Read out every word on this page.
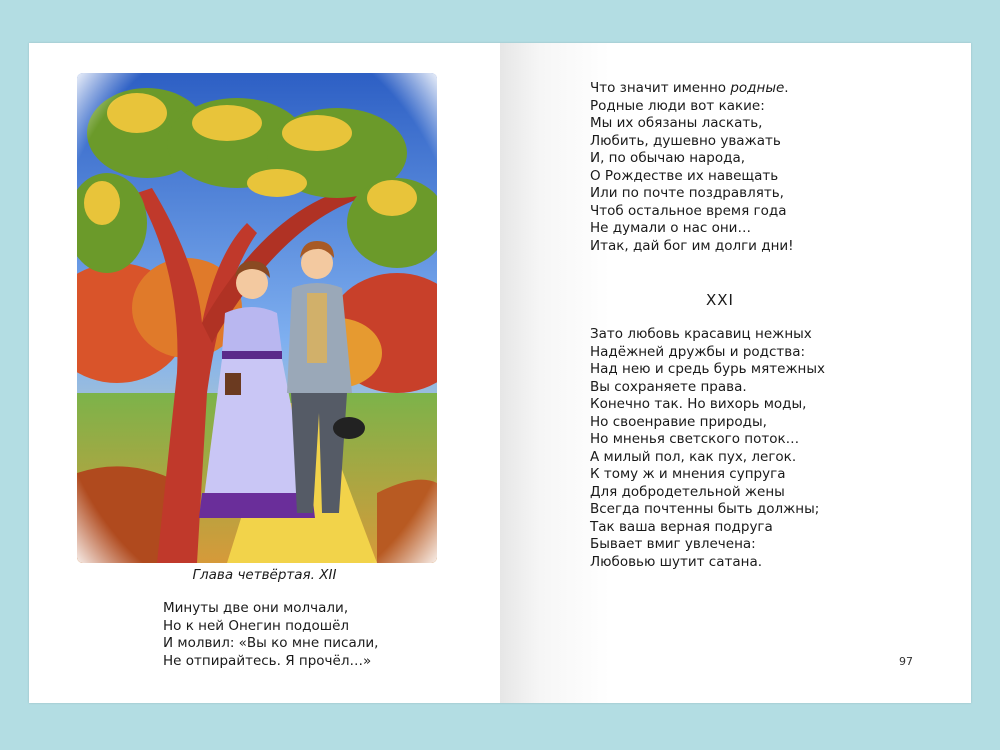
Глава четвёртая. XII
Минуты две они молчали,
Но к ней Онегин подошёл
И молвил: «Вы ко мне писали,
Не отпирайтесь. Я прочёл…»
Что значит именно родные.
Родные люди вот какие:
Мы их обязаны ласкать,
Любить, душевно уважать
И, по обычаю народа,
О Рождестве их навещать
Или по почте поздравлять,
Чтоб остальное время года
Не думали о нас они…
Итак, дай бог им долги дни!
XXI
Зато любовь красавиц нежных
Надёжней дружбы и родства:
Над нею и средь бурь мятежных
Вы сохраняете права.
Конечно так. Но вихорь моды,
Но своенравие природы,
Но мненья светского поток…
А милый пол, как пух, легок.
К тому ж и мнения супруга
Для добродетельной жены
Всегда почтенны быть должны;
Так ваша верная подруга
Бывает вмиг увлечена:
Любовью шутит сатана.
97
